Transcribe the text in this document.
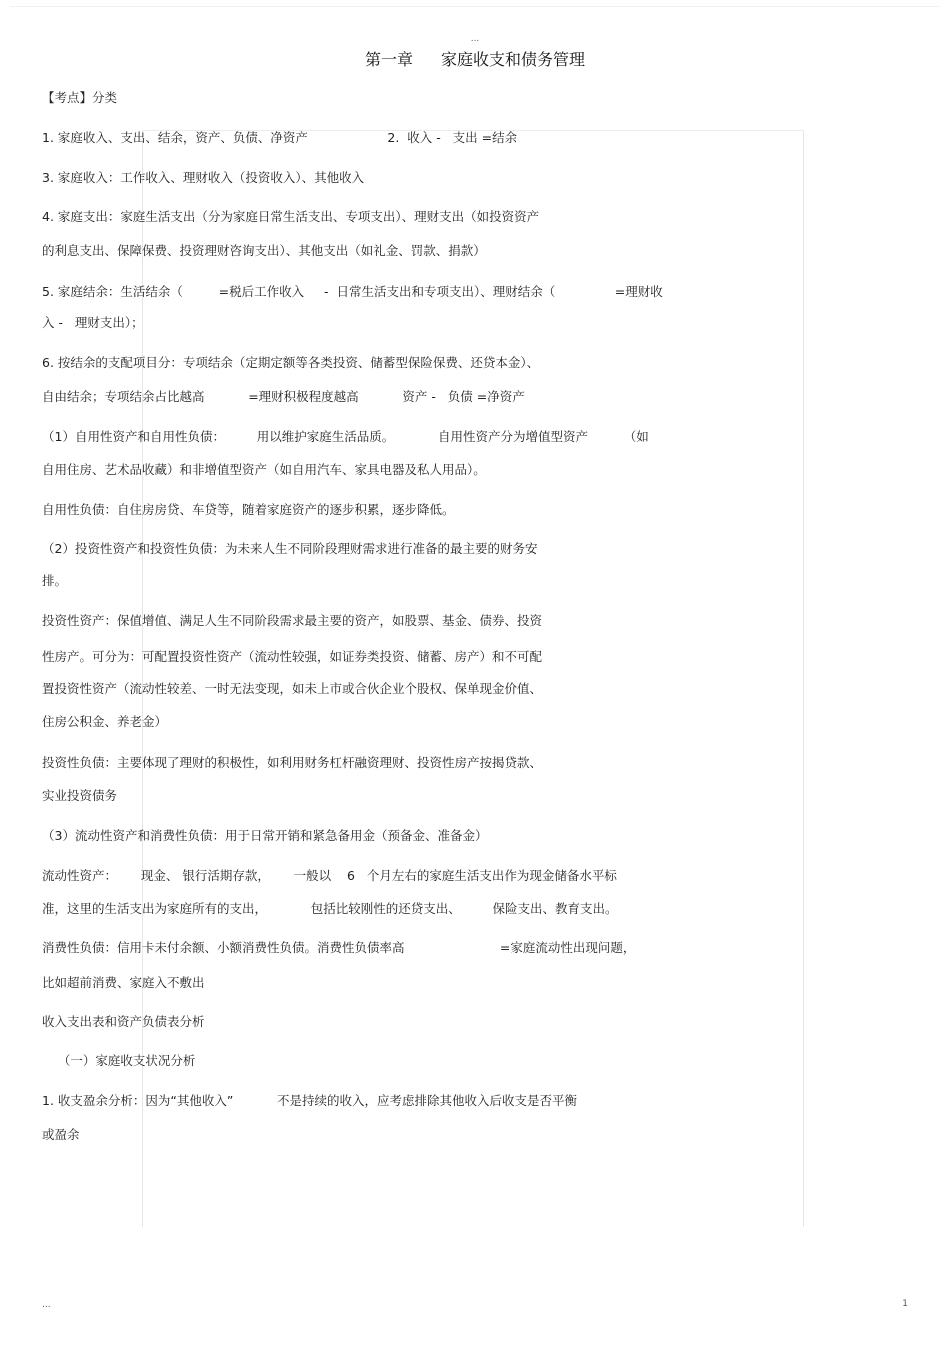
...
第一章 家庭收支和债务管理
【考点】分类
1. 家庭收入、支出、结余，资产、负债、净资产                    2.  收入 -   支出 =结余
3. 家庭收入：工作收入、理财收入（投资收入）、其他收入
4. 家庭支出：家庭生活支出（分为家庭日常生活支出、专项支出）、理财支出（如投资资产
的利息支出、保障保费、投资理财咨询支出）、其他支出（如礼金、罚款、捐款）
5. 家庭结余：生活结余（         =税后工作收入     -  日常生活支出和专项支出）、理财结余（               =理财收
入 -   理财支出）；
6. 按结余的支配项目分：专项结余（定期定额等各类投资、储蓄型保险保费、还贷本金）、
自由结余；专项结余占比越高           =理财积极程度越高           资产 -   负债 =净资产
（1）自用性资产和自用性负债：        用以维护家庭生活品质。           自用性资产分为增值型资产         （如
自用住房、艺术品收藏）和非增值型资产（如自用汽车、家具电器及私人用品）。
自用性负债：自住房房贷、车贷等，随着家庭资产的逐步积累，逐步降低。
（2）投资性资产和投资性负债：为未来人生不同阶段理财需求进行准备的最主要的财务安
排。
投资性资产：保值增值、满足人生不同阶段需求最主要的资产，如股票、基金、债券、投资
性房产。可分为：可配置投资性资产（流动性较强，如证券类投资、储蓄、房产）和不可配
置投资性资产（流动性较差、一时无法变现，如未上市或合伙企业个股权、保单现金价值、
住房公积金、养老金）
投资性负债：主要体现了理财的积极性，如利用财务杠杆融资理财、投资性房产按揭贷款、
实业投资债务
（3）流动性资产和消费性负债：用于日常开销和紧急备用金（预备金、准备金）
流动性资产：      现金、 银行活期存款，      一般以    6   个月左右的家庭生活支出作为现金储备水平标
准，这里的生活支出为家庭所有的支出，           包括比较刚性的还贷支出、        保险支出、教育支出。
消费性负债：信用卡未付余额、小额消费性负债。消费性负债率高                        =家庭流动性出现问题，
比如超前消费、家庭入不敷出
收入支出表和资产负债表分析
（一）家庭收支状况分析
1. 收支盈余分析：因为“其他收入”           不是持续的收入，应考虑排除其他收入后收支是否平衡
或盈余
...	1
